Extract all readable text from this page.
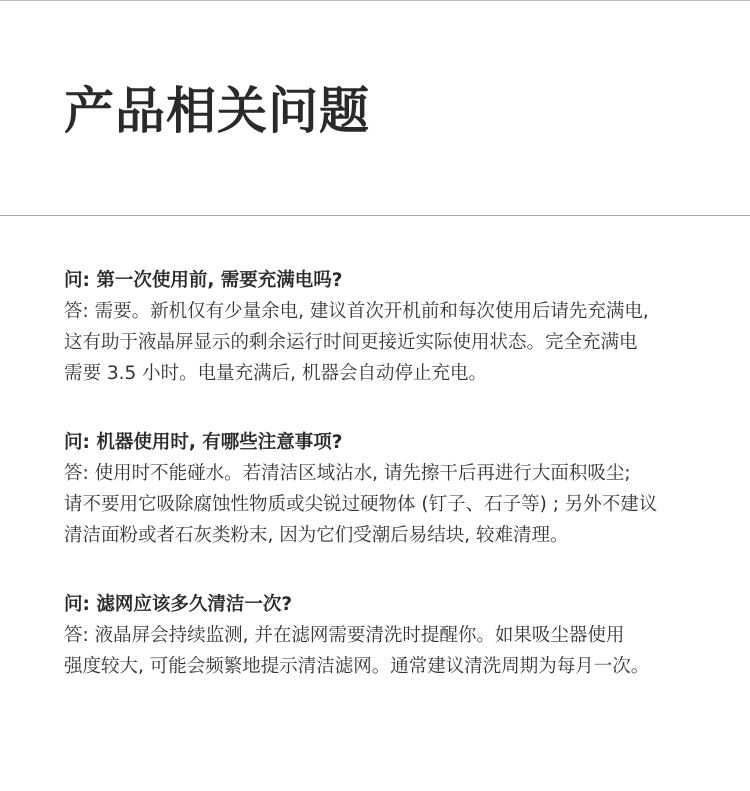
产品相关问题
问: 第一次使用前, 需要充满电吗?
答: 需要。新机仅有少量余电, 建议首次开机前和每次使用后请先充满电,
这有助于液晶屏显示的剩余运行时间更接近实际使用状态。完全充满电
需要 3.5 小时。电量充满后, 机器会自动停止充电。
问: 机器使用时, 有哪些注意事项?
答: 使用时不能碰水。若清洁区域沾水, 请先擦干后再进行大面积吸尘;
请不要用它吸除腐蚀性物质或尖锐过硬物体 (钉子、石子等) ; 另外不建议
清洁面粉或者石灰类粉末, 因为它们受潮后易结块, 较难清理。
问: 滤网应该多久清洁一次?
答: 液晶屏会持续监测, 并在滤网需要清洗时提醒你。如果吸尘器使用
强度较大, 可能会频繁地提示清洁滤网。通常建议清洗周期为每月一次。
